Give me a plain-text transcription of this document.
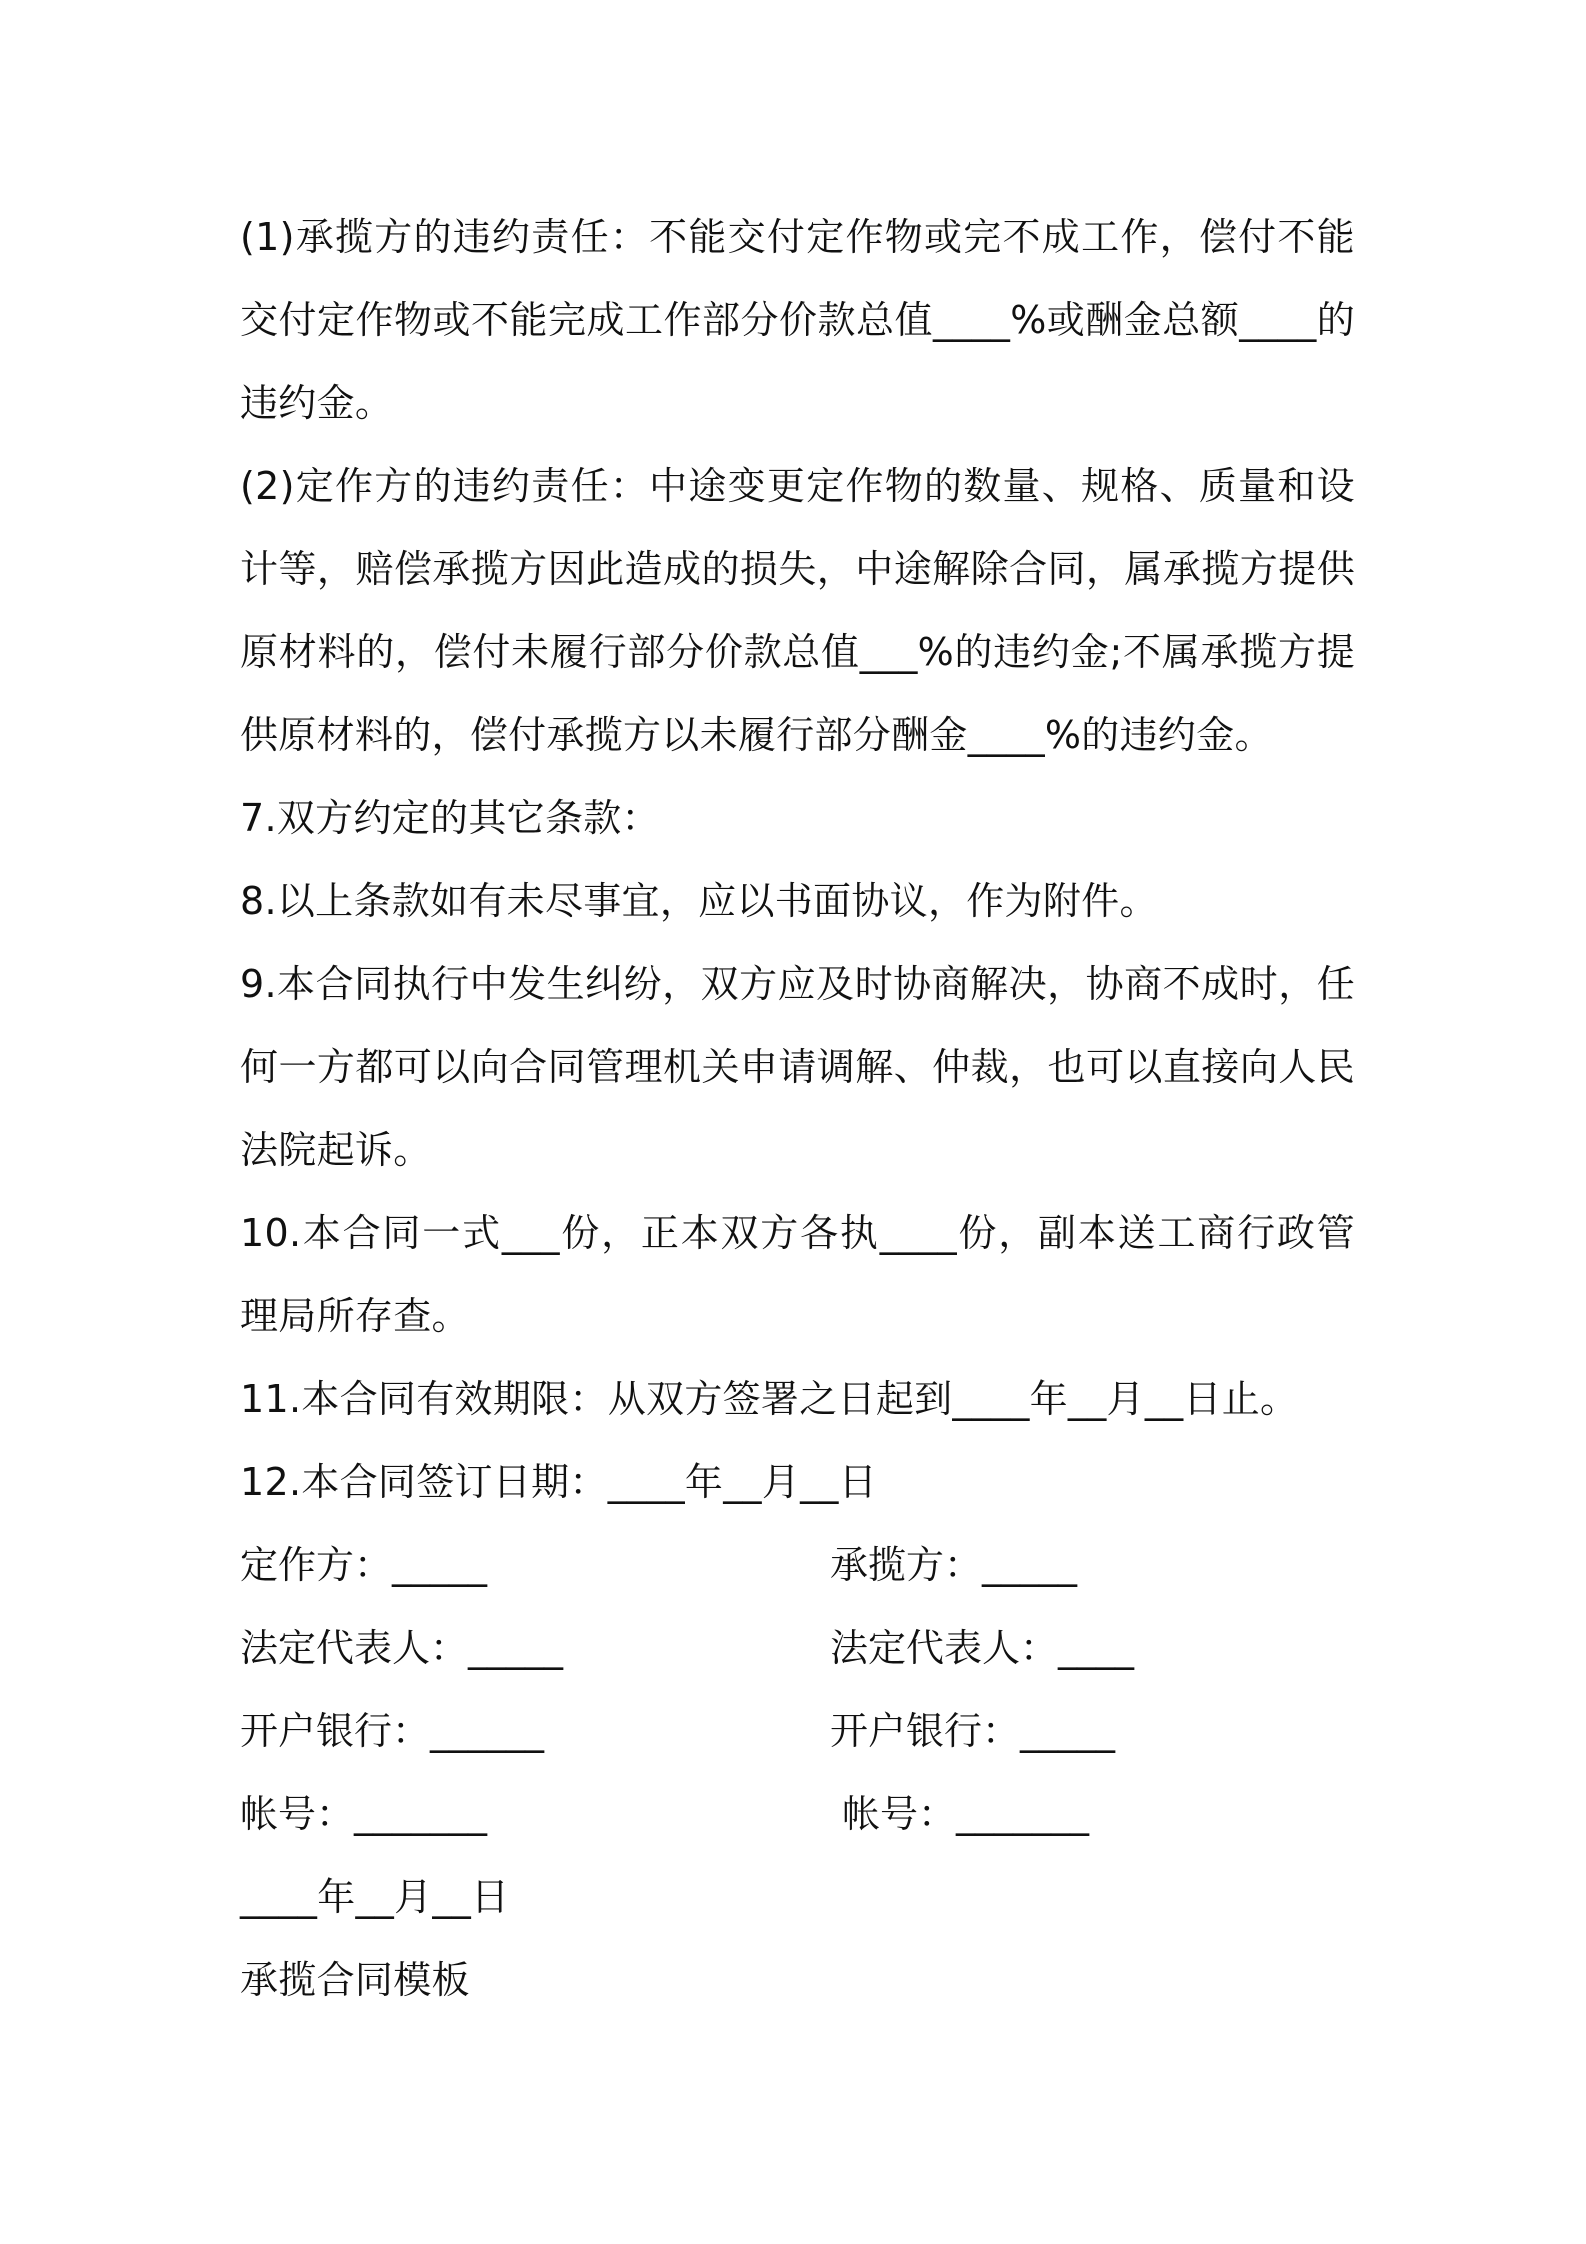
(1)承揽方的违约责任：不能交付定作物或完不成工作，偿付不能交付定作物或不能完成工作部分价款总值____%或酬金总额____的违约金。

(2)定作方的违约责任：中途变更定作物的数量、规格、质量和设计等，赔偿承揽方因此造成的损失，中途解除合同，属承揽方提供原材料的，偿付未履行部分价款总值___%的违约金;不属承揽方提供原材料的，偿付承揽方以未履行部分酬金____%的违约金。

7.双方约定的其它条款：

8.以上条款如有未尽事宜，应以书面协议，作为附件。

9.本合同执行中发生纠纷，双方应及时协商解决，协商不成时，任何一方都可以向合同管理机关申请调解、仲裁，也可以直接向人民法院起诉。

10.本合同一式___份，正本双方各执____份，副本送工商行政管理局所存查。

11.本合同有效期限：从双方签署之日起到____年__月__日止。

12.本合同签订日期：____年__月__日

定作方：_____	承揽方：_____
法定代表人：_____	法定代表人：____
开户银行：______	开户银行：_____
帐号：_______	帐号：_______

____年__月__日

承揽合同模板
